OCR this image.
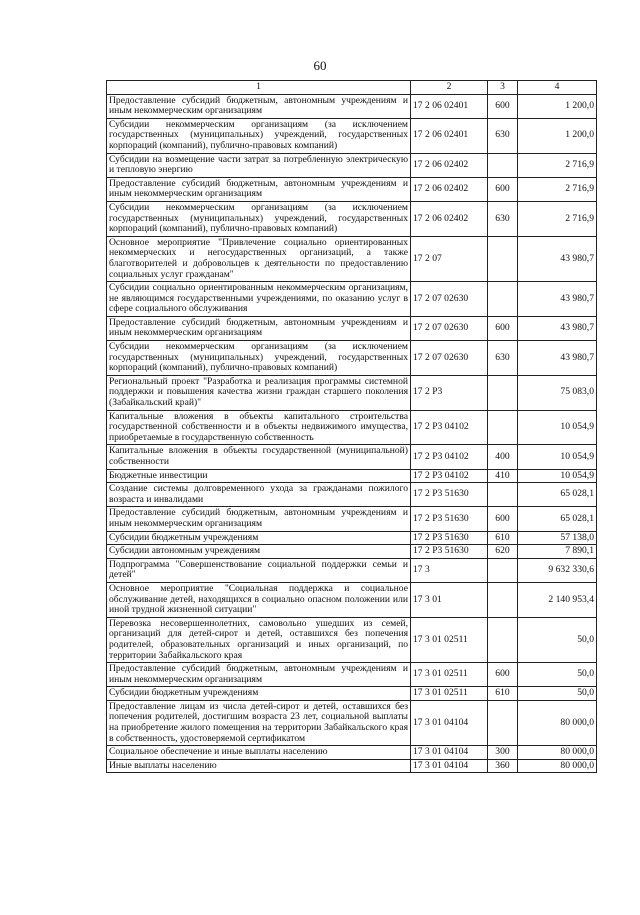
60
1	2	3	4
Предоставление субсидий бюджетным, автономным учреждениям и иным некоммерческим организациям	17 2 06 02401	600	1 200,0
Субсидии некоммерческим организациям (за исключением государственных (муниципальных) учреждений, государственных корпораций (компаний), публично-правовых компаний)	17 2 06 02401	630	1 200,0
Субсидии на возмещение части затрат за потребленную электрическую и тепловую энергию	17 2 06 02402		2 716,9
Предоставление субсидий бюджетным, автономным учреждениям и иным некоммерческим организациям	17 2 06 02402	600	2 716,9
Субсидии некоммерческим организациям (за исключением государственных (муниципальных) учреждений, государственных корпораций (компаний), публично-правовых компаний)	17 2 06 02402	630	2 716,9
Основное мероприятие "Привлечение социально ориентированных некоммерческих и негосударственных организаций, а также благотворителей и добровольцев к деятельности по предоставлению социальных услуг гражданам"	17 2 07		43 980,7
Субсидии социально ориентированным некоммерческим организациям, не являющимся государственными учреждениями, по оказанию услуг в сфере социального обслуживания	17 2 07 02630		43 980,7
Предоставление субсидий бюджетным, автономным учреждениям и иным некоммерческим организациям	17 2 07 02630	600	43 980,7
Субсидии некоммерческим организациям (за исключением государственных (муниципальных) учреждений, государственных корпораций (компаний), публично-правовых компаний)	17 2 07 02630	630	43 980,7
Региональный проект "Разработка и реализация программы системной поддержки и повышения качества жизни граждан старшего поколения (Забайкальский край)"	17 2 P3		75 083,0
Капитальные вложения в объекты капитального строительства государственной собственности и в объекты недвижимого имущества, приобретаемые в государственную собственность	17 2 P3 04102		10 054,9
Капитальные вложения в объекты государственной (муниципальной) собственности	17 2 P3 04102	400	10 054,9
Бюджетные инвестиции	17 2 P3 04102	410	10 054,9
Создание системы долговременного ухода за гражданами пожилого возраста и инвалидами	17 2 P3 51630		65 028,1
Предоставление субсидий бюджетным, автономным учреждениям и иным некоммерческим организациям	17 2 P3 51630	600	65 028,1
Субсидии бюджетным учреждениям	17 2 P3 51630	610	57 138,0
Субсидии автономным учреждениям	17 2 P3 51630	620	7 890,1
Подпрограмма "Совершенствование социальной поддержки семьи и детей"	17 3		9 632 330,6
Основное мероприятие "Социальная поддержка и социальное обслуживание детей, находящихся в социально опасном положении или иной трудной жизненной ситуации"	17 3 01		2 140 953,4
Перевозка несовершеннолетних, самовольно ушедших из семей, организаций для детей-сирот и детей, оставшихся без попечения родителей, образовательных организаций и иных организаций, по территории Забайкальского края	17 3 01 02511		50,0
Предоставление субсидий бюджетным, автономным учреждениям и иным некоммерческим организациям	17 3 01 02511	600	50,0
Субсидии бюджетным учреждениям	17 3 01 02511	610	50,0
Предоставление лицам из числа детей-сирот и детей, оставшихся без попечения родителей, достигшим возраста 23 лет, социальной выплаты на приобретение жилого помещения на территории Забайкальского края в собственность, удостоверяемой сертификатом	17 3 01 04104		80 000,0
Социальное обеспечение и иные выплаты населению	17 3 01 04104	300	80 000,0
Иные выплаты населению	17 3 01 04104	360	80 000,0
